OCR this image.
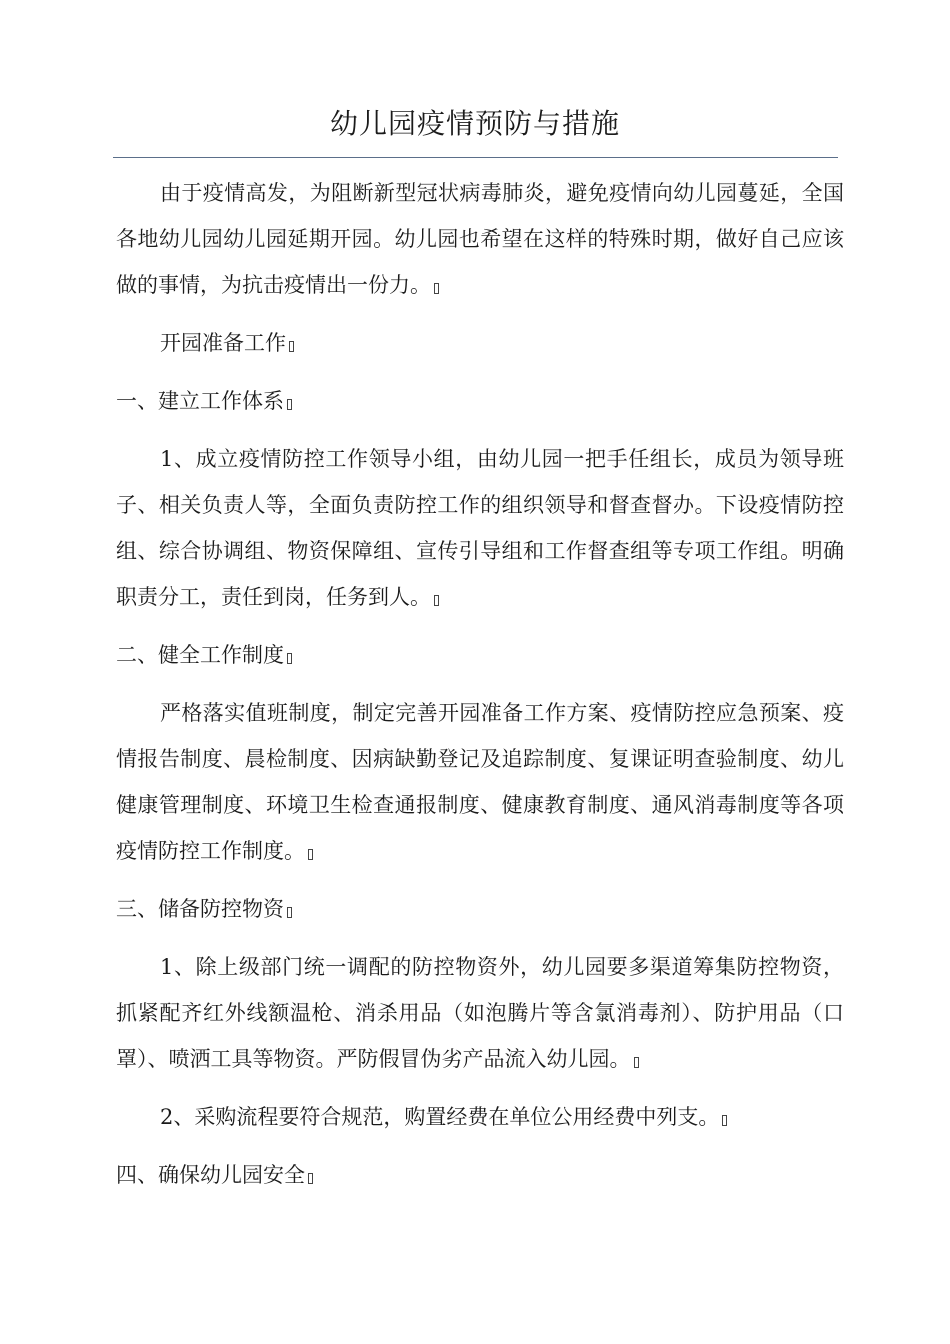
幼儿园疫情预防与措施

由于疫情高发，为阻断新型冠状病毒肺炎，避免疫情向幼儿园蔓延，全国各地幼儿园幼儿园延期开园。幼儿园也希望在这样的特殊时期，做好自己应该做的事情，为抗击疫情出一份力。

开园准备工作

一、建立工作体系

1、成立疫情防控工作领导小组，由幼儿园一把手任组长，成员为领导班子、相关负责人等，全面负责防控工作的组织领导和督查督办。下设疫情防控组、综合协调组、物资保障组、宣传引导组和工作督查组等专项工作组。明确职责分工，责任到岗，任务到人。

二、健全工作制度

严格落实值班制度，制定完善开园准备工作方案、疫情防控应急预案、疫情报告制度、晨检制度、因病缺勤登记及追踪制度、复课证明查验制度、幼儿健康管理制度、环境卫生检查通报制度、健康教育制度、通风消毒制度等各项疫情防控工作制度。

三、储备防控物资

1、除上级部门统一调配的防控物资外，幼儿园要多渠道筹集防控物资，抓紧配齐红外线额温枪、消杀用品（如泡腾片等含氯消毒剂）、防护用品（口罩）、喷洒工具等物资。严防假冒伪劣产品流入幼儿园。

2、采购流程要符合规范，购置经费在单位公用经费中列支。

四、确保幼儿园安全
